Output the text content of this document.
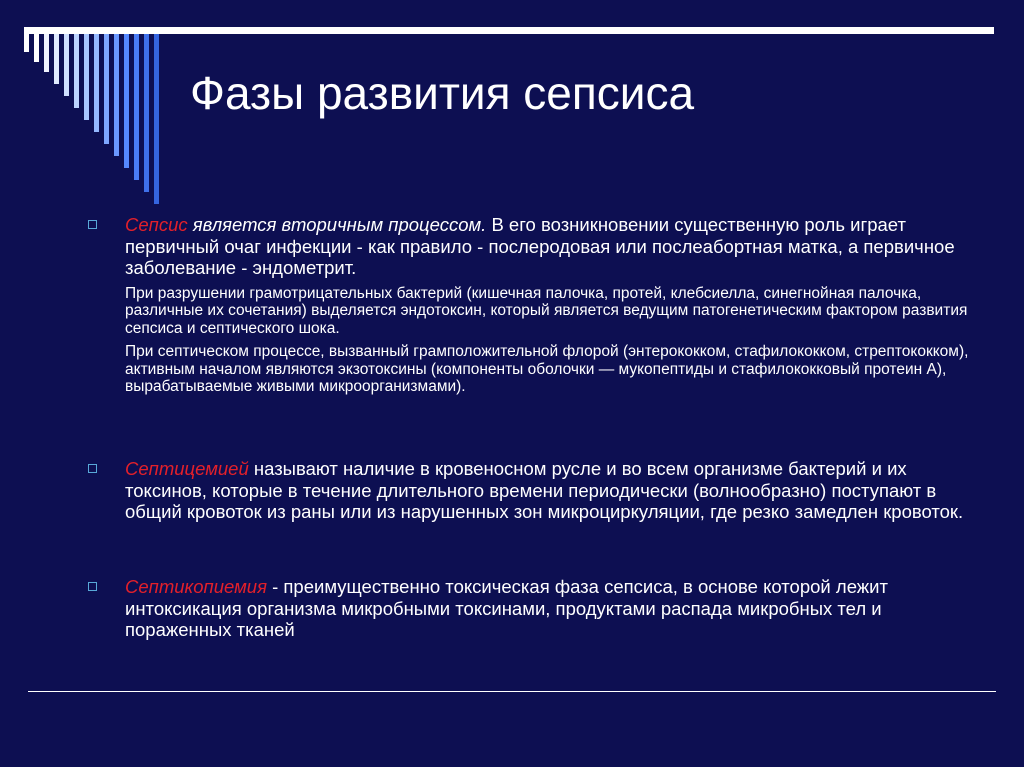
Фазы развития сепсиса
Сепсис является вторичным процессом. В его возникновении существенную роль играет первичный очаг инфекции - как правило - послеродовая или послеабортная матка, а первичное заболевание - эндометрит.
При разрушении грамотрицательных бактерий (кишечная палочка, протей, клебсиелла, синегнойная палочка, различные их сочетания) выделяется эндотоксин, который является ведущим патогенетическим фактором развития сепсиса и септического шока.
При септическом процессе, вызванный грамположительной флорой (энтерококком, стафилококком, стрептококком), активным началом являются экзотоксины (компоненты оболочки — мукопептиды и стафилококковый протеин А), вырабатываемые живыми микроорганизмами).
Септицемией называют наличие в кровеносном русле и во всем организме бактерий и их токсинов, которые в течение длительного времени периодически (волнообразно) поступают в общий кровоток из раны или из нарушенных зон микроциркуляции, где резко замедлен кровоток.
Септикопиемия - преимущественно токсическая фаза сепсиса, в основе которой лежит интоксикация организма микробными токсинами, продуктами распада микробных тел и пораженных тканей
